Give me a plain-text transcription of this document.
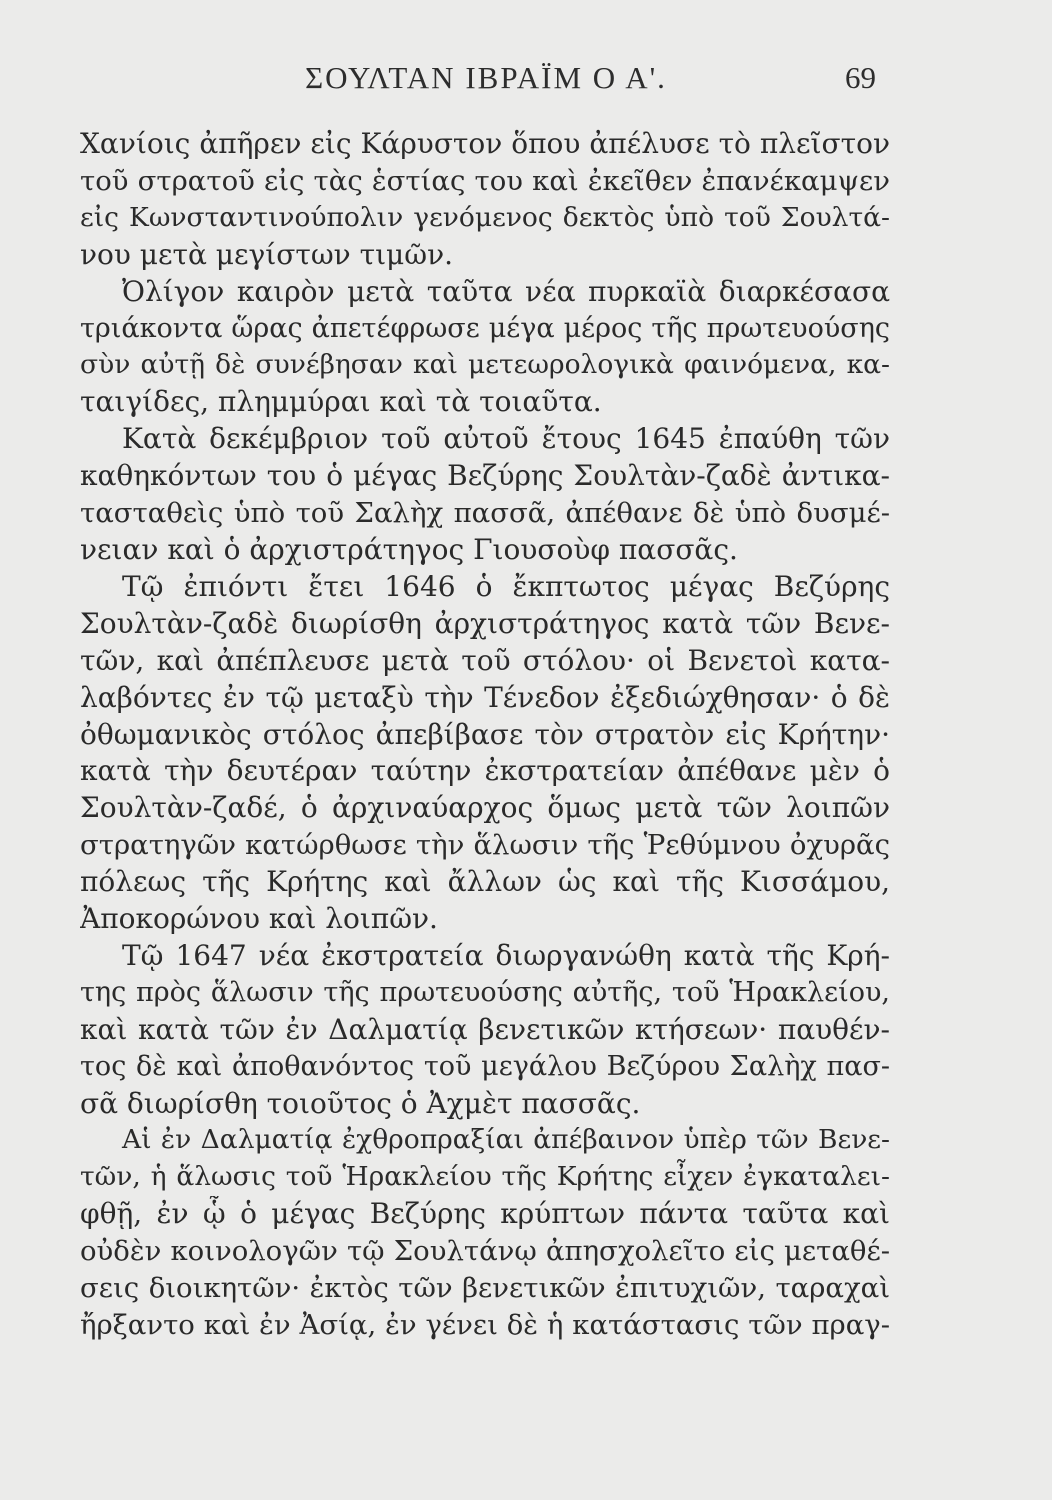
ΣΟΥΛΤΑΝ ΙΒΡΑΪΜ Ο Α'.	69
Χανίοις ἀπῆρεν εἰς Κάρυστον ὅπου ἀπέλυσε τὸ πλεῖστον
τοῦ στρατοῦ εἰς τὰς ἑστίας του καὶ ἐκεῖθεν ἐπανέκαμψεν
εἰς Κωνσταντινούπολιν γενόμενος δεκτὸς ὑπὸ τοῦ Σουλτά-
νου μετὰ μεγίστων τιμῶν.
Ὀλίγον καιρὸν μετὰ ταῦτα νέα πυρκαϊὰ διαρκέσασα
τριάκοντα ὥρας ἀπετέφρωσε μέγα μέρος τῆς πρωτευούσης
σὺν αὐτῇ δὲ συνέβησαν καὶ μετεωρολογικὰ φαινόμενα, κα-
ταιγίδες, πλημμύραι καὶ τὰ τοιαῦτα.
Κατὰ δεκέμβριον τοῦ αὐτοῦ ἔτους 1645 ἐπαύθη τῶν
καθηκόντων του ὁ μέγας Βεζύρης Σουλτὰν-ζαδὲ ἀντικα-
τασταθεὶς ὑπὸ τοῦ Σαλὴχ πασσᾶ, ἀπέθανε δὲ ὑπὸ δυσμέ-
νειαν καὶ ὁ ἀρχιστράτηγος Γιουσοὺφ πασσᾶς.
Τῷ ἐπιόντι ἔτει 1646 ὁ ἔκπτωτος μέγας Βεζύρης
Σουλτὰν-ζαδὲ διωρίσθη ἀρχιστράτηγος κατὰ τῶν Βενε-
τῶν, καὶ ἀπέπλευσε μετὰ τοῦ στόλου· οἱ Βενετοὶ κατα-
λαβόντες ἐν τῷ μεταξὺ τὴν Τένεδον ἐξεδιώχθησαν· ὁ δὲ
ὀθωμανικὸς στόλος ἀπεβίβασε τὸν στρατὸν εἰς Κρήτην·
κατὰ τὴν δευτέραν ταύτην ἐκστρατείαν ἀπέθανε μὲν ὁ
Σουλτὰν-ζαδέ, ὁ ἀρχιναύαρχος ὅμως μετὰ τῶν λοιπῶν
στρατηγῶν κατώρθωσε τὴν ἅλωσιν τῆς Ῥεθύμνου ὀχυρᾶς
πόλεως τῆς Κρήτης καὶ ἄλλων ὡς καὶ τῆς Κισσάμου,
Ἀποκορώνου καὶ λοιπῶν.
Τῷ 1647 νέα ἐκστρατεία διωργανώθη κατὰ τῆς Κρή-
της πρὸς ἅλωσιν τῆς πρωτευούσης αὐτῆς, τοῦ Ἡρακλείου,
καὶ κατὰ τῶν ἐν Δαλματίᾳ βενετικῶν κτήσεων· παυθέν-
τος δὲ καὶ ἀποθανόντος τοῦ μεγάλου Βεζύρου Σαλὴχ πασ-
σᾶ διωρίσθη τοιοῦτος ὁ Ἀχμὲτ πασσᾶς.
Αἱ ἐν Δαλματίᾳ ἐχθροπραξίαι ἀπέβαινον ὑπὲρ τῶν Βενε-
τῶν, ἡ ἅλωσις τοῦ Ἡρακλείου τῆς Κρήτης εἶχεν ἐγκαταλει-
φθῇ, ἐν ᾧ ὁ μέγας Βεζύρης κρύπτων πάντα ταῦτα καὶ
οὐδὲν κοινολογῶν τῷ Σουλτάνῳ ἀπησχολεῖτο εἰς μεταθέ-
σεις διοικητῶν· ἐκτὸς τῶν βενετικῶν ἐπιτυχιῶν, ταραχαὶ
ἤρξαντο καὶ ἐν Ἀσίᾳ, ἐν γένει δὲ ἡ κατάστασις τῶν πραγ-
